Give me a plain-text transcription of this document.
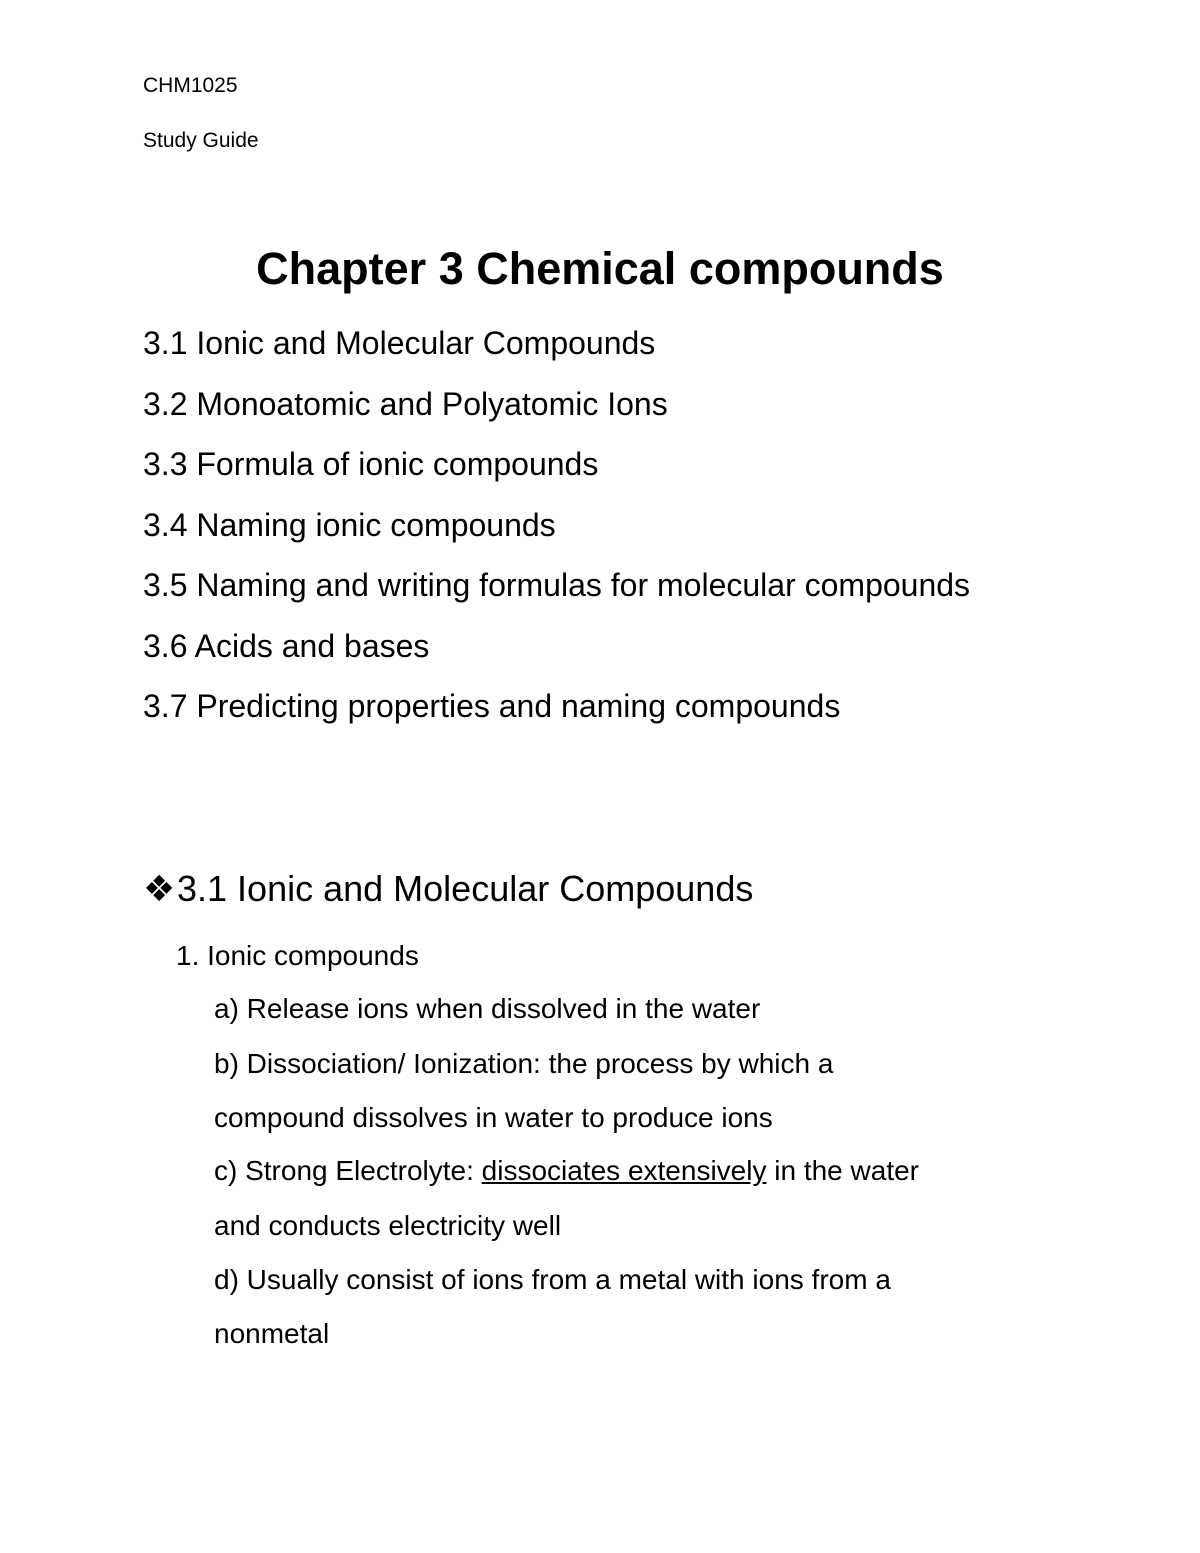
CHM1025
Study Guide
Chapter 3 Chemical compounds
3.1 Ionic and Molecular Compounds
3.2 Monoatomic and Polyatomic Ions
3.3 Formula of ionic compounds
3.4 Naming ionic compounds
3.5 Naming and writing formulas for molecular compounds
3.6 Acids and bases
3.7 Predicting properties and naming compounds
❖3.1 Ionic and Molecular Compounds
1. Ionic compounds
a) Release ions when dissolved in the water
b) Dissociation/ Ionization: the process by which a
compound dissolves in water to produce ions
c) Strong Electrolyte: dissociates extensively in the water
and conducts electricity well
d) Usually consist of ions from a metal with ions from a
nonmetal
